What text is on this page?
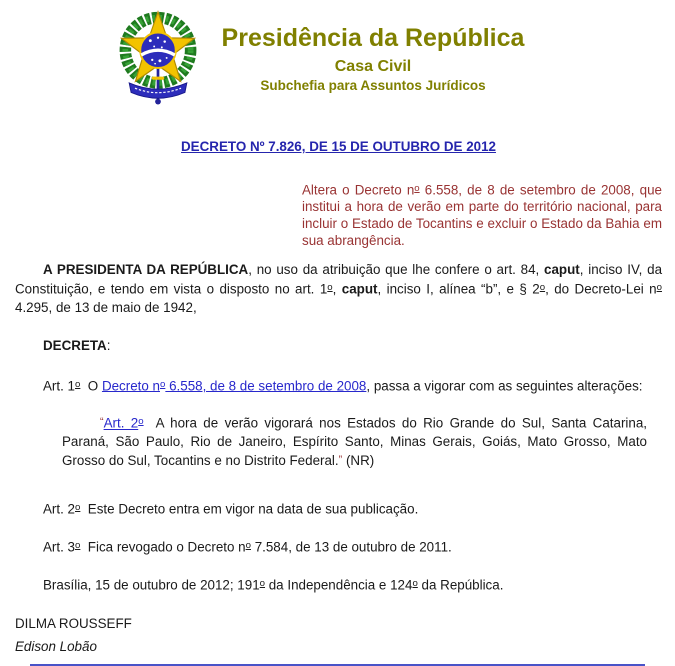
Presidência da República
Casa Civil
Subchefia para Assuntos Jurídicos
DECRETO Nº 7.826, DE 15 DE OUTUBRO DE 2012

Altera o Decreto $n^o$ 6.558, de 8 de setembro de 2008, que institui a hora de verão em parte do território nacional, para incluir o Estado de Tocantins e excluir o Estado da Bahia em sua abrangência.

A PRESIDENTA DA REPÚBLICA, no uso da atribuição que lhe confere o art. 84, caput, inciso IV, da Constituição, e tendo em vista o disposto no art. 1$^o$, caput, inciso I, alínea “b”, e § 2$^o$, do Decreto-Lei $n^o$ 4.295, de 13 de maio de 1942,

DECRETA:

Art. 1$^o$  O Decreto n$^o$ 6.558, de 8 de setembro de 2008, passa a vigorar com as seguintes alterações:

“Art. 2$^o$  A hora de verão vigorará nos Estados do Rio Grande do Sul, Santa Catarina, Paraná, São Paulo, Rio de Janeiro, Espírito Santo, Minas Gerais, Goiás, Mato Grosso, Mato Grosso do Sul, Tocantins e no Distrito Federal.” (NR)

Art. 2$^o$  Este Decreto entra em vigor na data de sua publicação.

Art. 3$^o$  Fica revogado o Decreto $n^o$ 7.584, de 13 de outubro de 2011.

Brasília, 15 de outubro de 2012; 191$^o$ da Independência e 124$^o$ da República.

DILMA ROUSSEFF

Edison Lobão
